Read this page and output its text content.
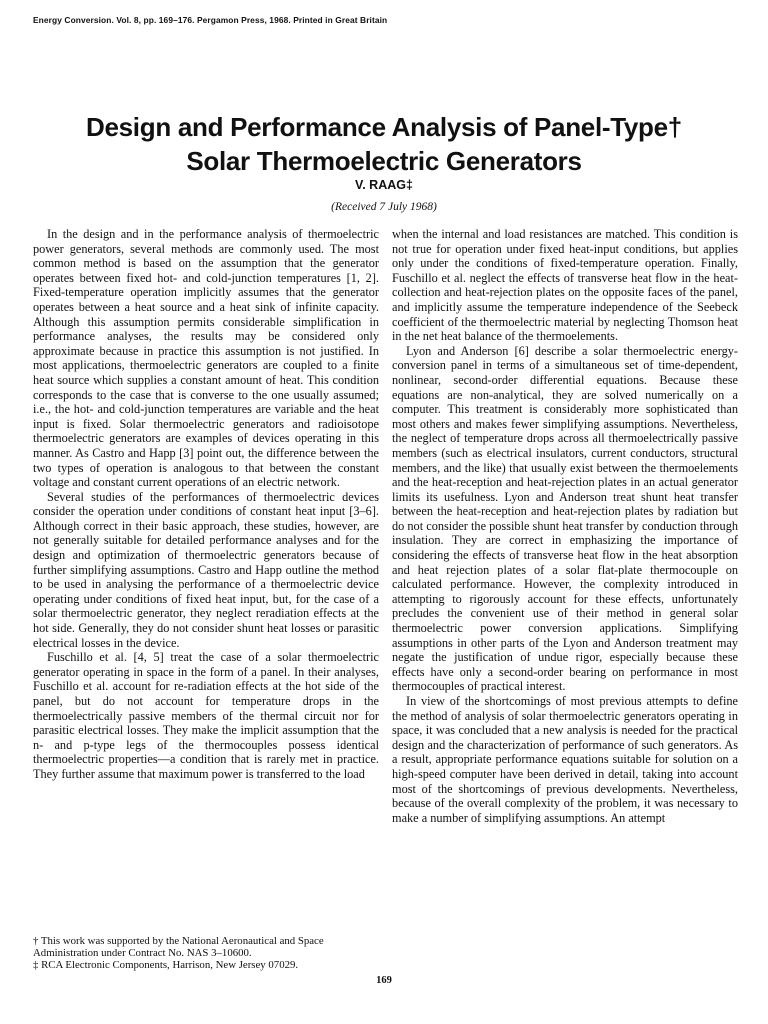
Energy Conversion. Vol. 8, pp. 169–176. Pergamon Press, 1968. Printed in Great Britain
Design and Performance Analysis of Panel-Type†
Solar Thermoelectric Generators
V. RAAG‡
(Received 7 July 1968)

In the design and in the performance analysis of thermoelectric power generators, several methods are commonly used. The most common method is based on the assumption that the generator operates between fixed hot- and cold-junction temperatures [1, 2]. Fixed-temperature operation implicitly assumes that the generator operates between a heat source and a heat sink of infinite capacity. Although this assumption permits considerable simplification in performance analyses, the results may be considered only approximate because in practice this assumption is not justified. In most applications, thermoelectric generators are coupled to a finite heat source which supplies a constant amount of heat. This condition corresponds to the case that is converse to the one usually assumed; i.e., the hot- and cold-junction temperatures are variable and the heat input is fixed. Solar thermoelectric generators and radioisotope thermoelectric generators are examples of devices operating in this manner. As Castro and Happ [3] point out, the difference between the two types of operation is analogous to that between the constant voltage and constant current operations of an electric network.

Several studies of the performances of thermoelectric devices consider the operation under conditions of constant heat input [3–6]. Although correct in their basic approach, these studies, however, are not generally suitable for detailed performance analyses and for the design and optimization of thermoelectric generators because of further simplifying assumptions. Castro and Happ outline the method to be used in analysing the performance of a thermoelectric device operating under conditions of fixed heat input, but, for the case of a solar thermoelectric generator, they neglect reradiation effects at the hot side. Generally, they do not consider shunt heat losses or parasitic electrical losses in the device.

Fuschillo et al. [4, 5] treat the case of a solar thermoelectric generator operating in space in the form of a panel. In their analyses, Fuschillo et al. account for re-radiation effects at the hot side of the panel, but do not account for temperature drops in the thermoelectrically passive members of the thermal circuit nor for parasitic electrical losses. They make the implicit assumption that the n- and p-type legs of the thermocouples possess identical thermoelectric properties—a condition that is rarely met in practice. They further assume that maximum power is transferred to the load

when the internal and load resistances are matched. This condition is not true for operation under fixed heat-input conditions, but applies only under the conditions of fixed-temperature operation. Finally, Fuschillo et al. neglect the effects of transverse heat flow in the heat-collection and heat-rejection plates on the opposite faces of the panel, and implicitly assume the temperature independence of the Seebeck coefficient of the thermoelectric material by neglecting Thomson heat in the net heat balance of the thermoelements.

Lyon and Anderson [6] describe a solar thermoelectric energy-conversion panel in terms of a simultaneous set of time-dependent, nonlinear, second-order differential equations. Because these equations are non-analytical, they are solved numerically on a computer. This treatment is considerably more sophisticated than most others and makes fewer simplifying assumptions. Nevertheless, the neglect of temperature drops across all thermoelectrically passive members (such as electrical insulators, current conductors, structural members, and the like) that usually exist between the thermoelements and the heat-reception and heat-rejection plates in an actual generator limits its usefulness. Lyon and Anderson treat shunt heat transfer between the heat-reception and heat-rejection plates by radiation but do not consider the possible shunt heat transfer by conduction through insulation. They are correct in emphasizing the importance of considering the effects of transverse heat flow in the heat absorption and heat rejection plates of a solar flat-plate thermocouple on calculated performance. However, the complexity introduced in attempting to rigorously account for these effects, unfortunately precludes the convenient use of their method in general solar thermoelectric power conversion applications. Simplifying assumptions in other parts of the Lyon and Anderson treatment may negate the justification of undue rigor, especially because these effects have only a second-order bearing on performance in most thermocouples of practical interest.

In view of the shortcomings of most previous attempts to define the method of analysis of solar thermoelectric generators operating in space, it was concluded that a new analysis is needed for the practical design and the characterization of performance of such generators. As a result, appropriate performance equations suitable for solution on a high-speed computer have been derived in detail, taking into account most of the shortcomings of previous developments. Nevertheless, because of the overall complexity of the problem, it was necessary to make a number of simplifying assumptions. An attempt

† This work was supported by the National Aeronautical and Space Administration under Contract No. NAS 3–10600.
‡ RCA Electronic Components, Harrison, New Jersey 07029.
169
